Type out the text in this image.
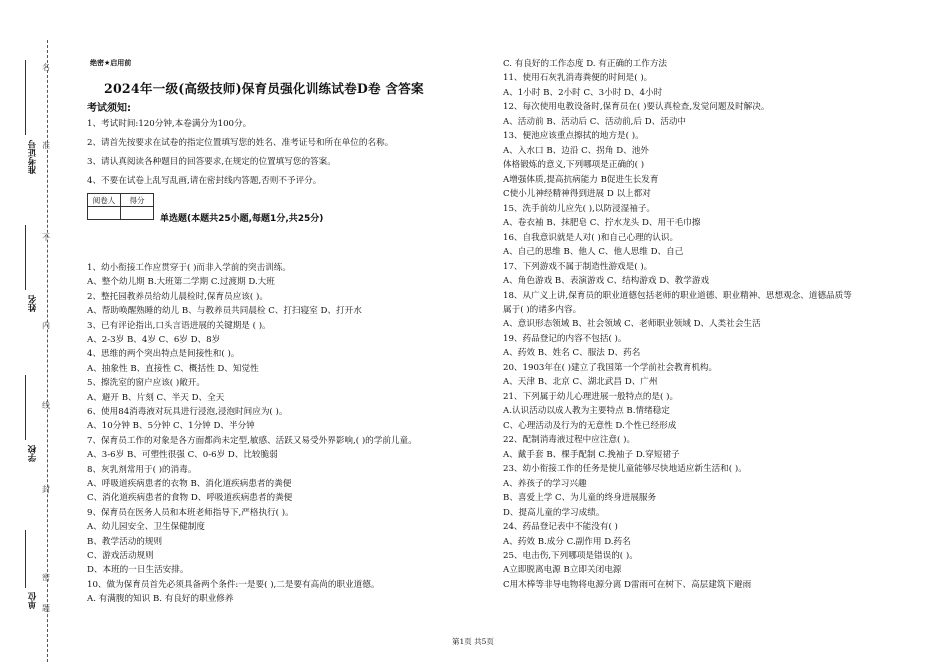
准考证号
姓名
学校
单位
名
准
不
内
线
封
密
题
绝密★启用前
2024年一级(高级技师)保育员强化训练试卷D卷 含答案
考试须知:
1、考试时间:120分钟,本卷满分为100分。
2、请首先按要求在试卷的指定位置填写您的姓名、准考证号和所在单位的名称。
3、请认真阅读各种题目的回答要求,在规定的位置填写您的答案。
4、不要在试卷上乱写乱画,请在密封线内答题,否则不予评分。
阅卷人	得分

单选题(本题共25小题,每题1分,共25分)
1、幼小衔接工作应贯穿于( )而非入学前的突击训练。
A、整个幼儿期 B.大班第二学期 C.过渡期 D.大班
2、整托园教养员给幼儿晨检时,保育员应该( )。
A、帮助唤醒熟睡的幼儿 B、与教养员共同晨检 C、打扫寝室 D、打开水
3、已有评论指出,口头言语进展的关键期是 ( )。
A、2-3岁 B、4岁 C、6岁 D、8岁
4、思维的两个突出特点是间接性和( )。
A、抽象性 B、直接性 C、概括性 D、知觉性
5、擦洗室的窗户应该( )敞开。
A、避开 B、片刻 C、半天 D、全天
6、使用84消毒液对玩具进行浸泡,浸泡时间应为( )。
A、10分钟 B、5分钟 C、1分钟 D、半分钟
7、保育员工作的对象是各方面都尚未定型,敏感、活跃又易受外界影响,( )的学前儿童。
A、3-6岁 B、可塑性很强 C、0-6岁 D、比较脆弱
8、灰乳剂常用于( )的消毒。
A、呼吸道疾病患者的衣物 B、消化道疾病患者的粪便
C、消化道疾病患者的食物 D、呼吸道疾病患者的粪便
9、保育员在医务人员和本班老师指导下,严格执行( )。
A、幼儿园安全、卫生保健制度
B、教学活动的规则
C、游戏活动规则
D、本班的一日生活安排。
10、做为保育员首先必须具备两个条件:一是要( ),二是要有高尚的职业道德。
A. 有满腹的知识 B. 有良好的职业修养
C. 有良好的工作态度 D. 有正确的工作方法
11、使用石灰乳消毒粪便的时间是( )。
A、1小时 B、2小时 C、3小时 D、4小时
12、每次使用电教设备时,保育员在( )要认真检查,发觉问题及时解决。
A、活动前 B、活动后 C、活动前,后 D、活动中
13、便池应该重点擦拭的地方是( )。
A、入水口 B、边沿 C、拐角 D、池外
体格锻炼的意义,下列哪项是正确的( )
A增强体质,提高抗病能力 B促进生长发育
C使小儿神经精神得到进展 D 以上都对
15、洗手前幼儿应先( ),以防浸湿袖子。
A、卷衣袖 B、抹肥皂 C、拧水龙头 D、用干毛巾擦
16、自我意识就是人对( )和自己心理的认识。
A、自己的思维 B、他人 C、他人思维 D、自己
17、下列游戏不属于制造性游戏是( )。
A、角色游戏 B、表演游戏 C、结构游戏 D、教学游戏
18、从广义上讲,保育员的职业道德包括老师的职业道德、职业精神、思想观念、道德品质等
属于( )的诸多内容。
A、意识形态领域 B、社会领域 C、老师职业领域 D、人类社会生活
19、药品登记的内容不包括( )。
A、药效 B、姓名 C、服法 D、药名
20、1903年在( )建立了我国第一个学前社会教育机构。
A、天津 B、北京 C、湖北武昌 D、广州
21、下列属于幼儿心理进展一般特点的是( )。
A.认识活动以成人教为主要特点 B.情绪稳定
C、心理活动及行为的无意性 D.个性已经形成
22、配制消毒液过程中应注意( )。
A、戴手套 B、棵手配制 C.挽袖子 D.穿短裙子
23、幼小衔接工作的任务是使儿童能够尽快地适应新生活和( )。
A、养孩子的学习兴趣
B、喜爱上学 C、为儿童的终身进展服务
D、提高儿童的学习成绩。
24、药品登记表中不能没有( )
A、药效 B.成分 C.副作用 D.药名
25、电击伤,下列哪项是错误的( )。
A立即脱离电源 B立即关闭电源
C用木棒等非导电物将电源分离 D雷雨可在树下、高层建筑下避雨
第1页 共5页
